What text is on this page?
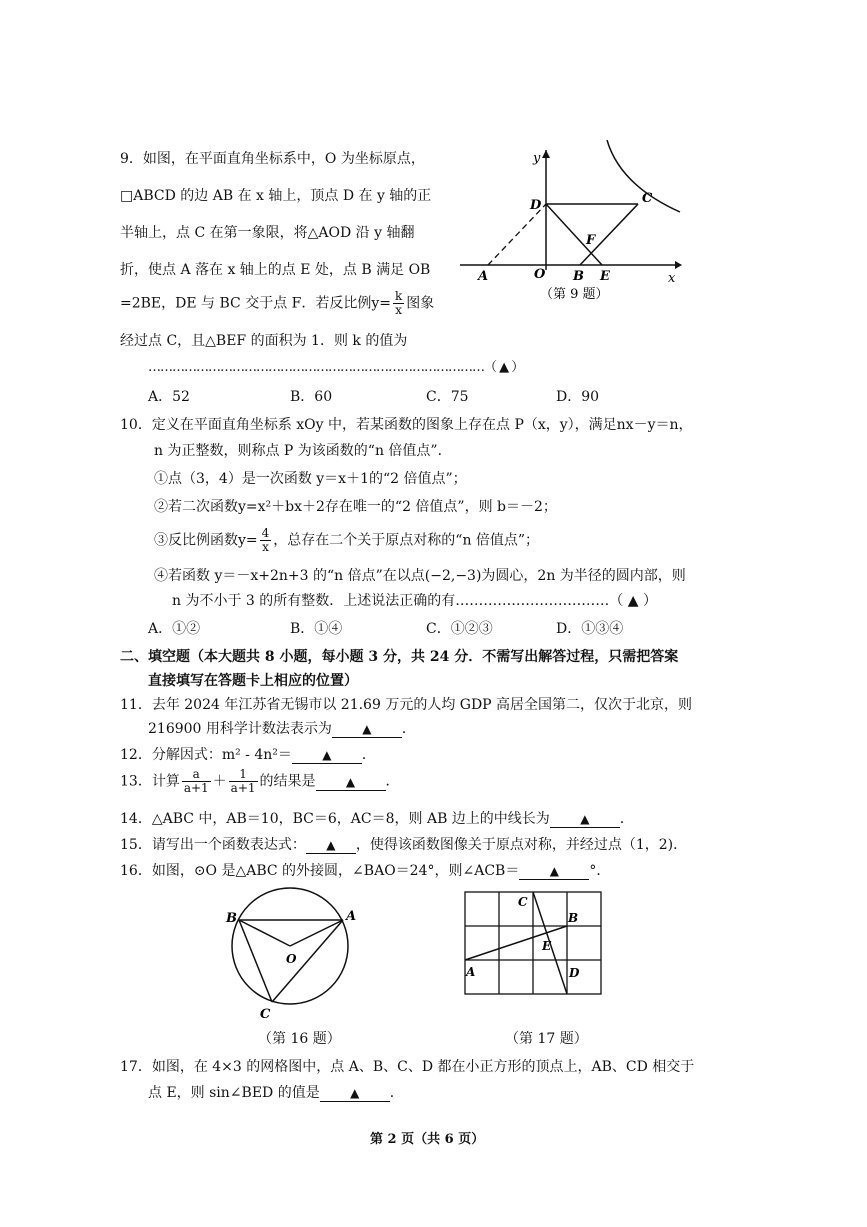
9．如图，在平面直角坐标系中，O 为坐标原点，
□ABCD 的边 AB 在 x 轴上，顶点 D 在 y 轴的正
半轴上，点 C 在第一象限，将△AOD 沿 y 轴翻
折，使点 A 落在 x 轴上的点 E 处，点 B 满足 OB
=2BE，DE 与 BC 交于点 F．若反比例$y= \frac{k}{x}$ 图象
经过点 C，且△BEF 的面积为 1．则 k 的值为
…………………………………………………………………………（ ▲ ）
A．52	B．60	C．75	D．90
y
x
D	C
F
A	O B E
（第 9 题）
10．定义在平面直角坐标系 xOy 中，若某函数的图象上存在点 P（x，y），满足nx－y＝n，
n 为正整数，则称点 P 为该函数的“n 倍值点”．
①点（3，4）是一次函数 y＝x＋1的“2 倍值点”；
②若二次函数y=x²＋bx＋2存在唯一的“2 倍值点”，则 b＝－2；
③反比例函数$y= \frac{4}{x}$ ，总存在二个关于原点对称的“n 倍值点”；
④若函数 y＝－x+2n+3 的“n 倍点”在以点(−2,−3)为圆心，2n 为半径的圆内部，则
n 为不小于 3 的所有整数．上述说法正确的有……………………………（ ▲ ）
A．①②	B．①④	C．①②③	D．①③④
二、填空题（本大题共 8 小题，每小题 3 分，共 24 分．不需写出解答过程，只需把答案
直接填写在答题卡上相应的位置）
11．去年 2024 年江苏省无锡市以 21.69 万元的人均 GDP 高居全国第二，仅次于北京，则
216900 用科学计数法表示为	▲ ．
12．分解因式：m² - 4n²＝	▲ ．
13．计算 $\frac{a}{a+1} + \frac{1}{a+1}$ 的结果是	▲ ．
14．△ABC 中，AB＝10，BC＝6，AC＝8，则 AB 边上的中线长为	▲ ．
15．请写出一个函数表达式： ▲ ，使得该函数图像关于原点对称，并经过点（1，2)．
16．如图，⊙O 是△ABC 的外接圆，∠BAO＝24°，则∠ACB＝	▲ °．
B	A
O
C
（第 16 题）
C
B
E
A	D
（第 17 题）
17．如图，在 4×3 的网格图中，点 A、B、C、D 都在小正方形的顶点上，AB、CD 相交于
点 E，则 sin∠BED 的值是	▲ ．
第 2 页（共 6 页）
